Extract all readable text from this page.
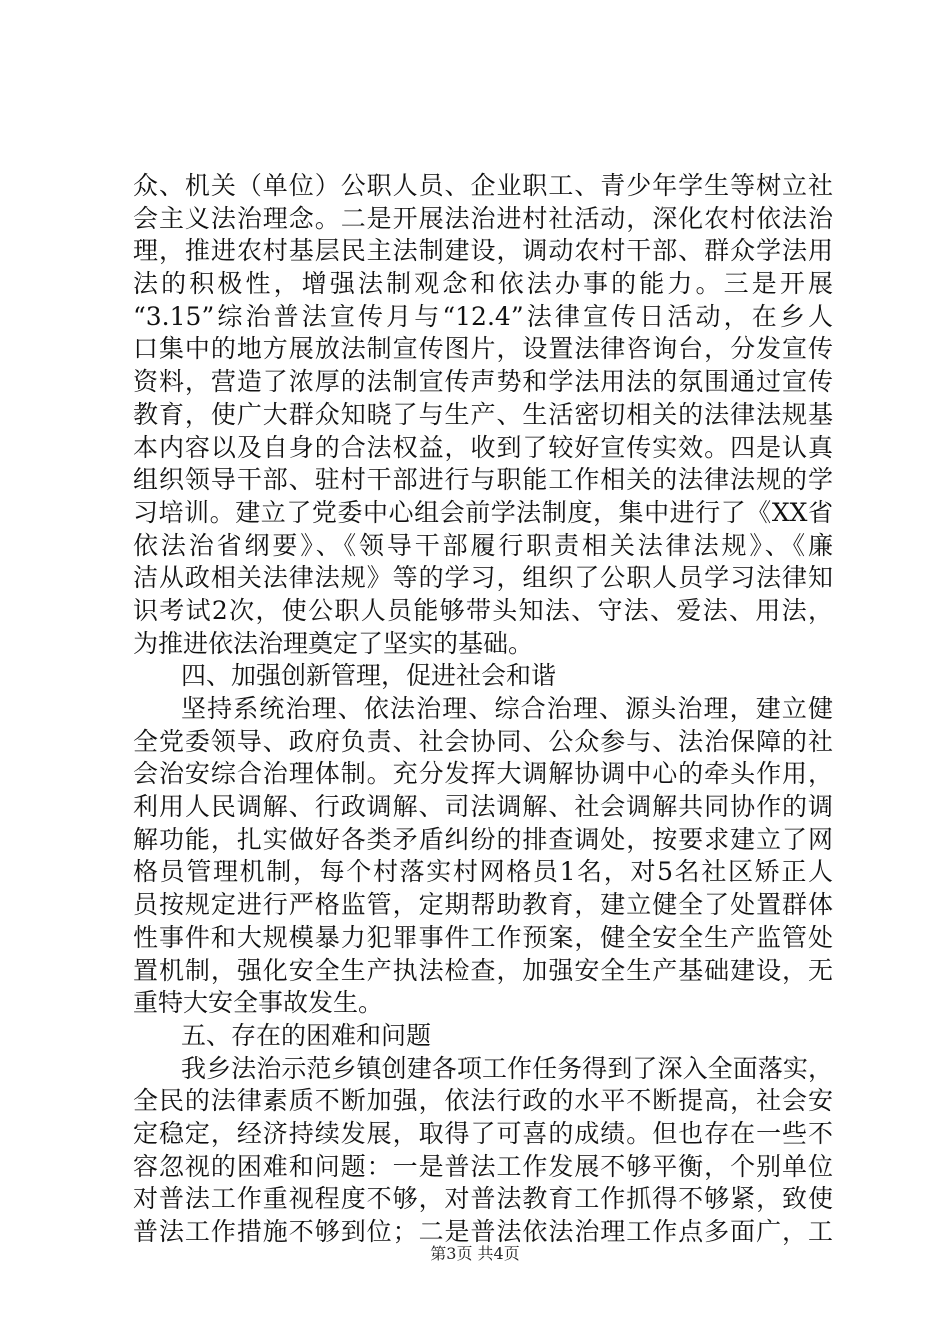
众、机关（单位）公职人员、企业职工、青少年学生等树立社
会主义法治理念。二是开展法治进村社活动，深化农村依法治
理，推进农村基层民主法制建设，调动农村干部、群众学法用
法的积极性，增强法制观念和依法办事的能力。三是开展
“3.15”综治普法宣传月与“12.4”法律宣传日活动，在乡人
口集中的地方展放法制宣传图片，设置法律咨询台，分发宣传
资料，营造了浓厚的法制宣传声势和学法用法的氛围通过宣传
教育，使广大群众知晓了与生产、生活密切相关的法律法规基
本内容以及自身的合法权益，收到了较好宣传实效。四是认真
组织领导干部、驻村干部进行与职能工作相关的法律法规的学
习培训。建立了党委中心组会前学法制度，集中进行了《XX省
依法治省纲要》、《领导干部履行职责相关法律法规》、《廉
洁从政相关法律法规》等的学习，组织了公职人员学习法律知
识考试2次，使公职人员能够带头知法、守法、爱法、用法，
为推进依法治理奠定了坚实的基础。
四、加强创新管理，促进社会和谐
坚持系统治理、依法治理、综合治理、源头治理，建立健
全党委领导、政府负责、社会协同、公众参与、法治保障的社
会治安综合治理体制。充分发挥大调解协调中心的牵头作用，
利用人民调解、行政调解、司法调解、社会调解共同协作的调
解功能，扎实做好各类矛盾纠纷的排查调处，按要求建立了网
格员管理机制，每个村落实村网格员1名，对5名社区矫正人
员按规定进行严格监管，定期帮助教育，建立健全了处置群体
性事件和大规模暴力犯罪事件工作预案，健全安全生产监管处
置机制，强化安全生产执法检查，加强安全生产基础建设，无
重特大安全事故发生。
五、存在的困难和问题
我乡法治示范乡镇创建各项工作任务得到了深入全面落实，
全民的法律素质不断加强，依法行政的水平不断提高，社会安
定稳定，经济持续发展，取得了可喜的成绩。但也存在一些不
容忽视的困难和问题：一是普法工作发展不够平衡，个别单位
对普法工作重视程度不够，对普法教育工作抓得不够紧，致使
普法工作措施不够到位；二是普法依法治理工作点多面广，工
第3页 共4页
